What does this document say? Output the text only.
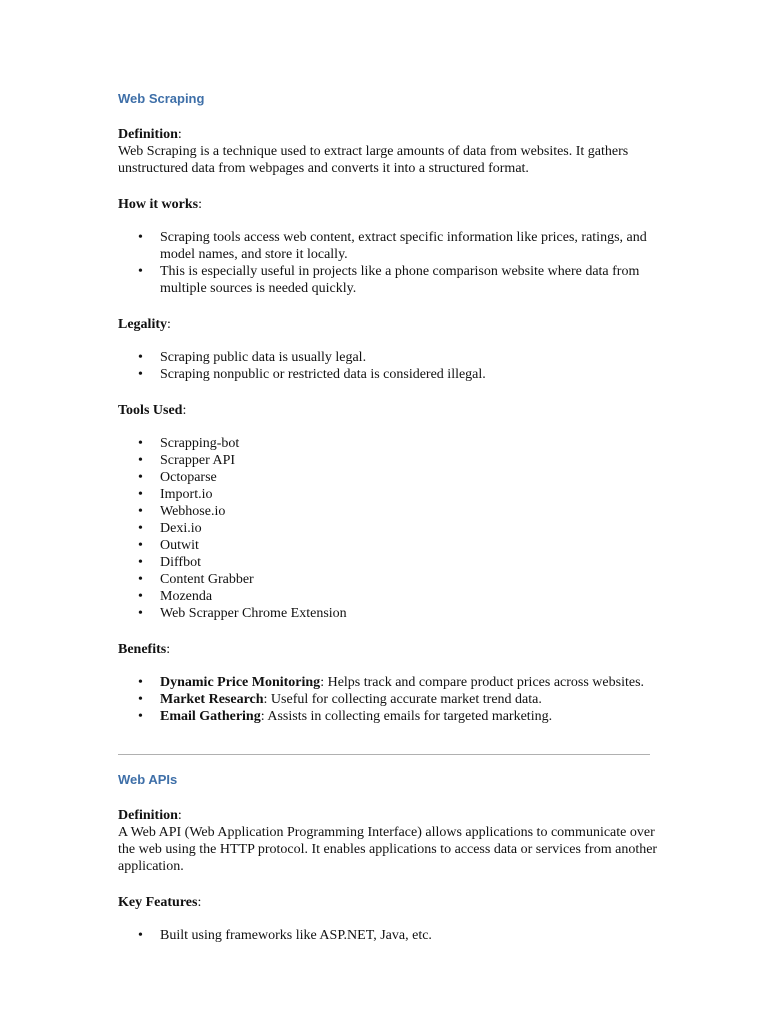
Web Scraping
Definition:

Web Scraping is a technique used to extract large amounts of data from websites. It gathers unstructured data from webpages and converts it into a structured format.

How it works:
• Scraping tools access web content, extract specific information like prices, ratings, and model names, and store it locally.
• This is especially useful in projects like a phone comparison website where data from multiple sources is needed quickly.
Legality:
• Scraping public data is usually legal.
• Scraping nonpublic or restricted data is considered illegal.
Tools Used:
• Scrapping-bot
• Scrapper API
• Octoparse
• Import.io
• Webhose.io
• Dexi.io
• Outwit
• Diffbot
• Content Grabber
• Mozenda
• Web Scrapper Chrome Extension
Benefits:
• Dynamic Price Monitoring: Helps track and compare product prices across websites.
• Market Research: Useful for collecting accurate market trend data.
• Email Gathering: Assists in collecting emails for targeted marketing.
Web APIs
Definition:

A Web API (Web Application Programming Interface) allows applications to communicate over the web using the HTTP protocol. It enables applications to access data or services from another application.

Key Features:
• Built using frameworks like ASP.NET, Java, etc.
